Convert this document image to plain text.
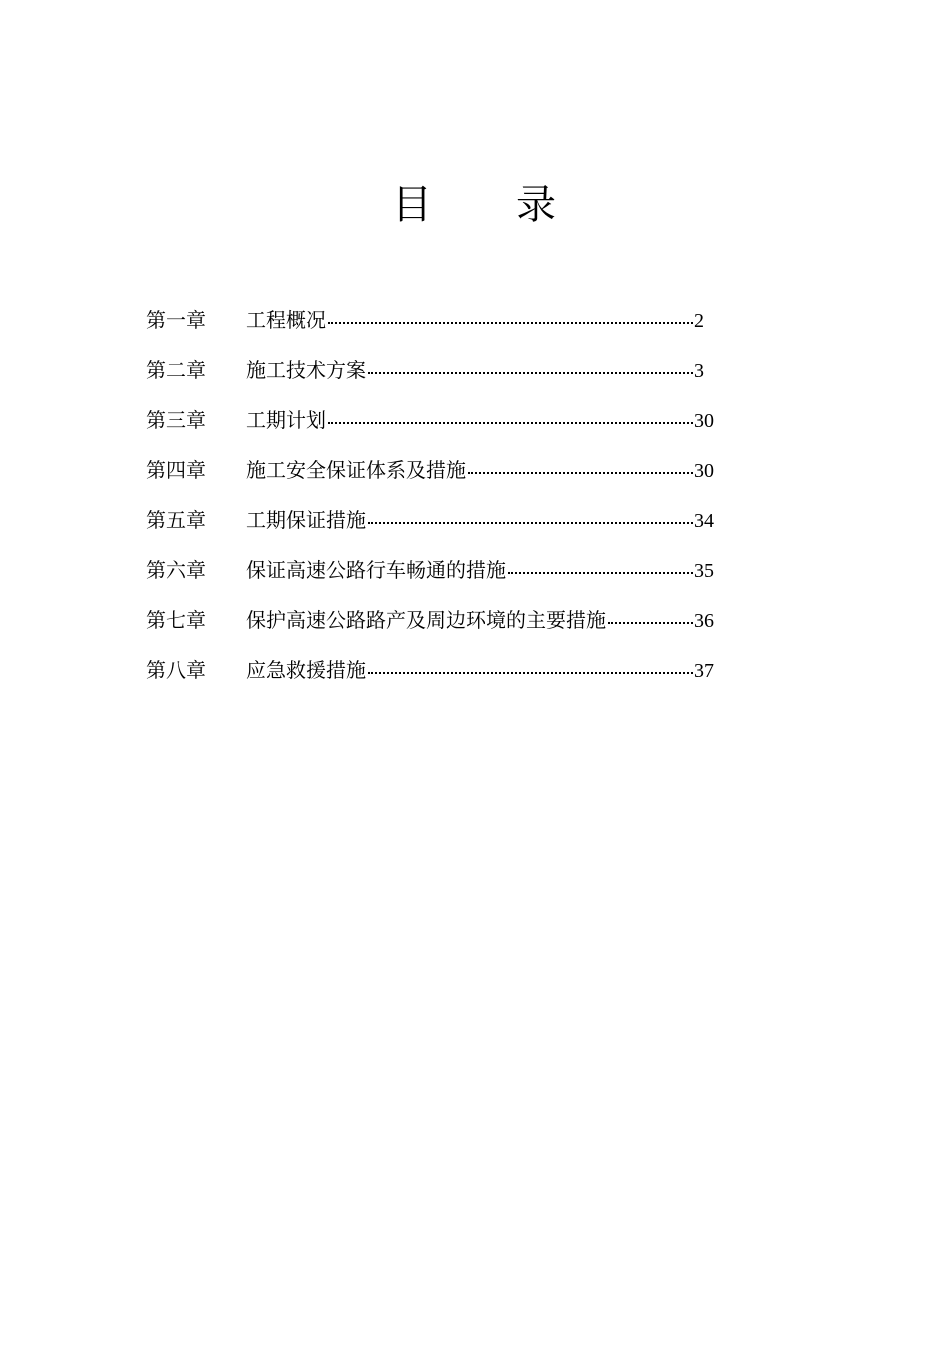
目 录
第一章	工程概况	2
第二章	施工技术方案	3
第三章	工期计划	30
第四章	施工安全保证体系及措施	30
第五章	工期保证措施	34
第六章	保证高速公路行车畅通的措施	35
第七章	保护高速公路路产及周边环境的主要措施	36
第八章	应急救援措施	37
